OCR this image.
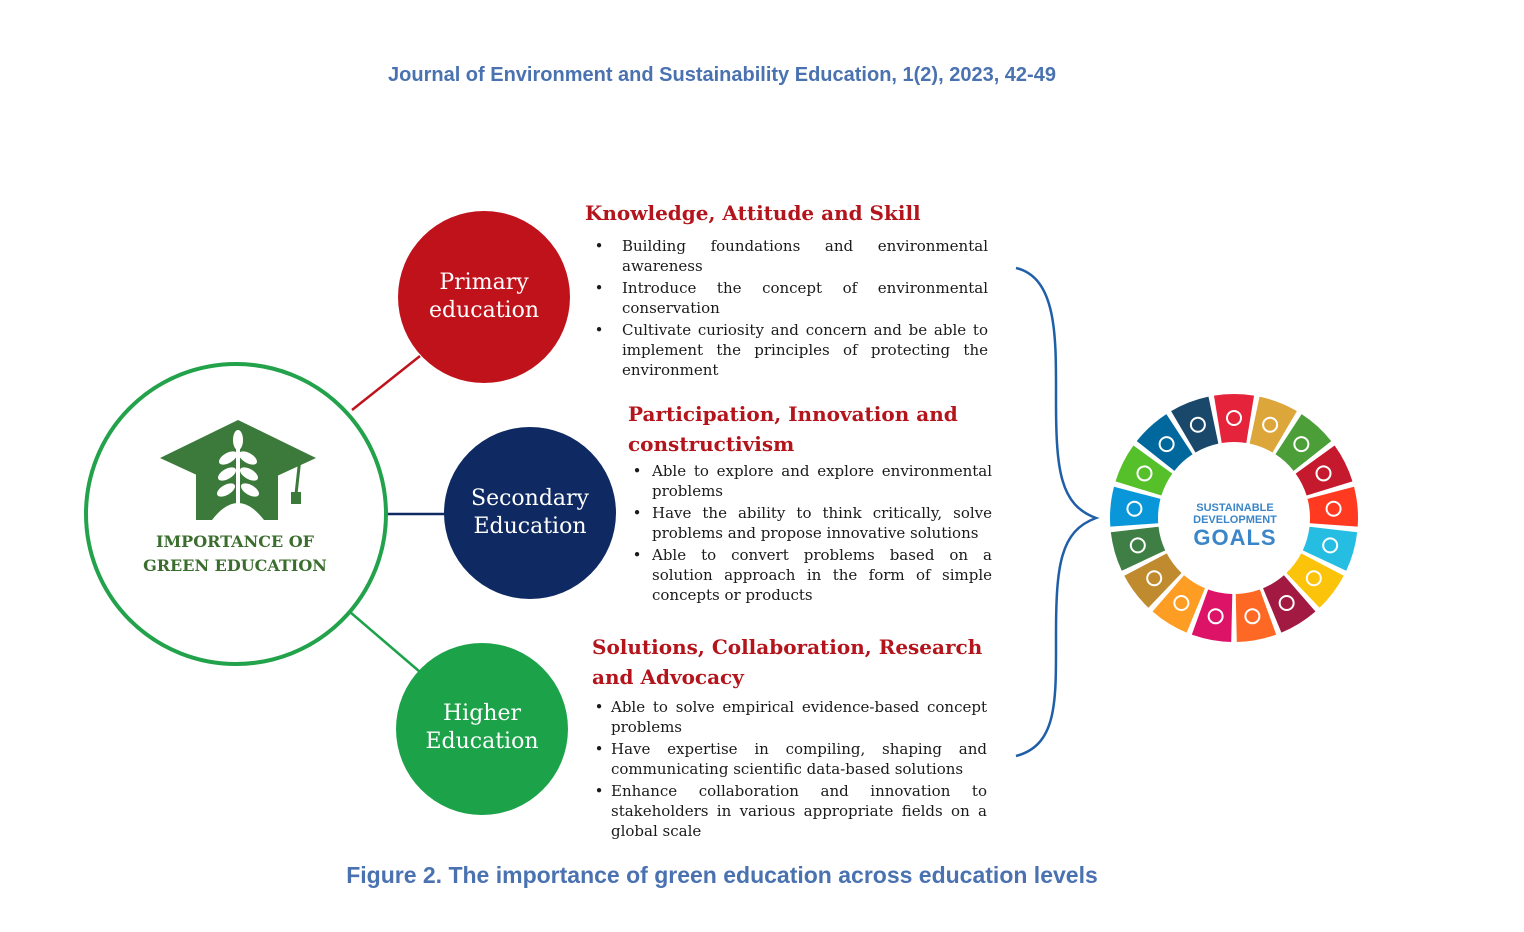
Journal of Environment and Sustainability Education, 1(2), 2023, 42-49
IMPORTANCE OF
GREEN EDUCATION
Primary
education
Secondary
Education
Higher
Education
Knowledge, Attitude and Skill
• Building foundations and environmental awareness
• Introduce the concept of environmental conservation
• Cultivate curiosity and concern and be able to implement the principles of protecting the environment
Participation, Innovation and
constructivism
• Able to explore and explore environmental problems
• Have the ability to think critically, solve problems and propose innovative solutions
• Able to convert problems based on a solution approach in the form of simple concepts or products
Solutions, Collaboration, Research
and Advocacy
• Able to solve empirical evidence-based concept problems
• Have expertise in compiling, shaping and communicating scientific data-based solutions
• Enhance collaboration and innovation to stakeholders in various appropriate fields on a global scale
SUSTAINABLE
DEVELOPMENT
GOALS
Figure 2. The importance of green education across education levels
